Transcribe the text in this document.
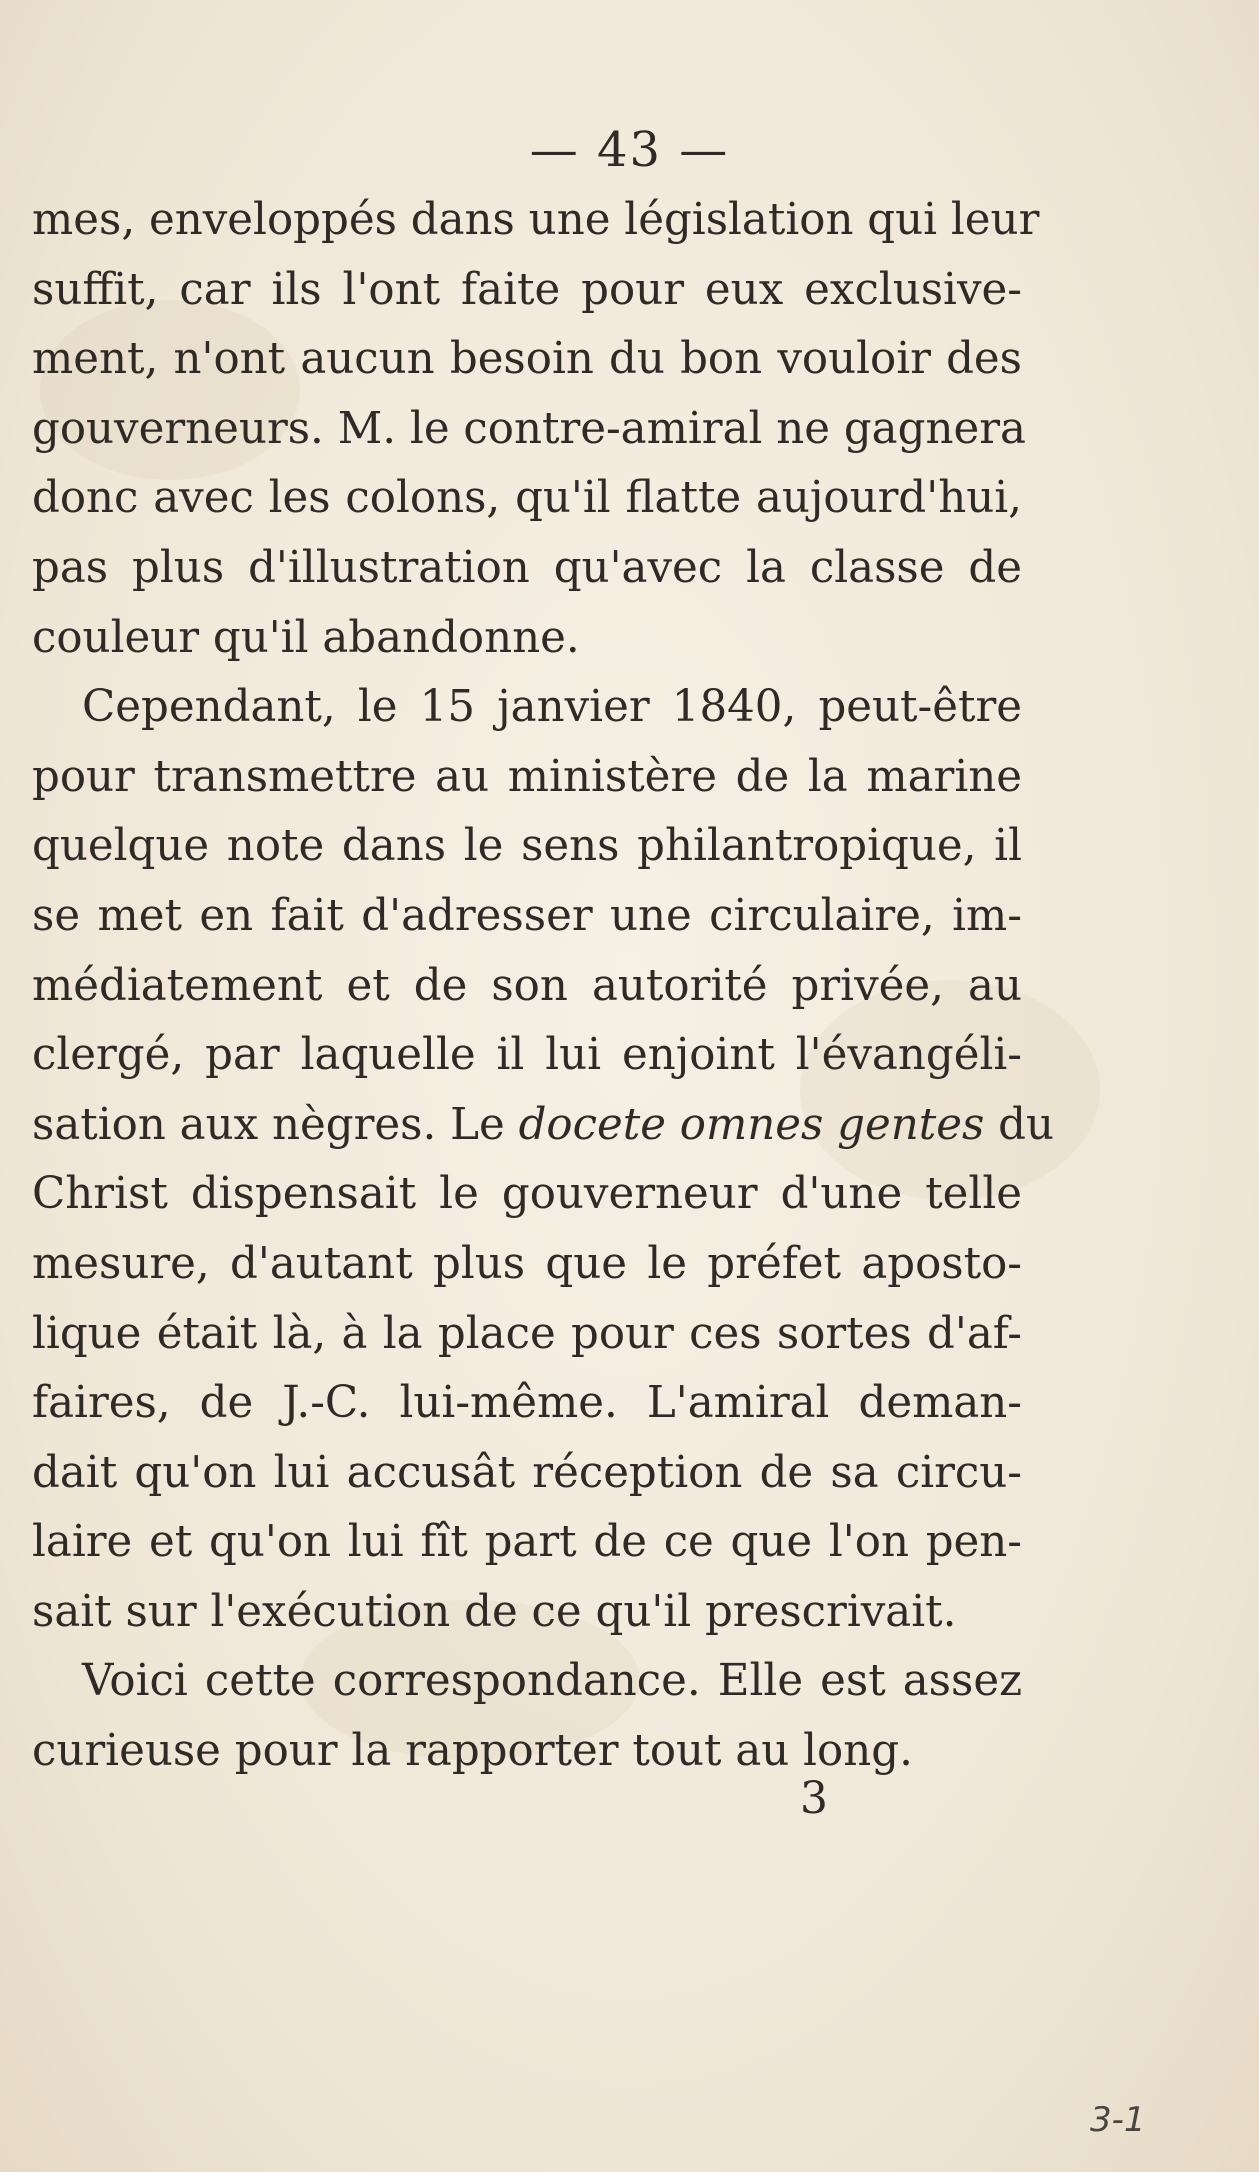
— 43 —
mes, enveloppés dans une législation qui leur
suffit, car ils l'ont faite pour eux exclusive-
ment, n'ont aucun besoin du bon vouloir des
gouverneurs. M. le contre-amiral ne gagnera
donc avec les colons, qu'il flatte aujourd'hui,
pas plus d'illustration qu'avec la classe de
couleur qu'il abandonne.
Cependant, le 15 janvier 1840, peut-être
pour transmettre au ministère de la marine
quelque note dans le sens philantropique, il
se met en fait d'adresser une circulaire, im-
médiatement et de son autorité privée, au
clergé, par laquelle il lui enjoint l'évangéli-
sation aux nègres. Le docete omnes gentes du
Christ dispensait le gouverneur d'une telle
mesure, d'autant plus que le préfet aposto-
lique était là, à la place pour ces sortes d'af-
faires, de J.-C. lui-même. L'amiral deman-
dait qu'on lui accusât réception de sa circu-
laire et qu'on lui fît part de ce que l'on pen-
sait sur l'exécution de ce qu'il prescrivait.
Voici cette correspondance. Elle est assez
curieuse pour la rapporter tout au long.
3
3-1
